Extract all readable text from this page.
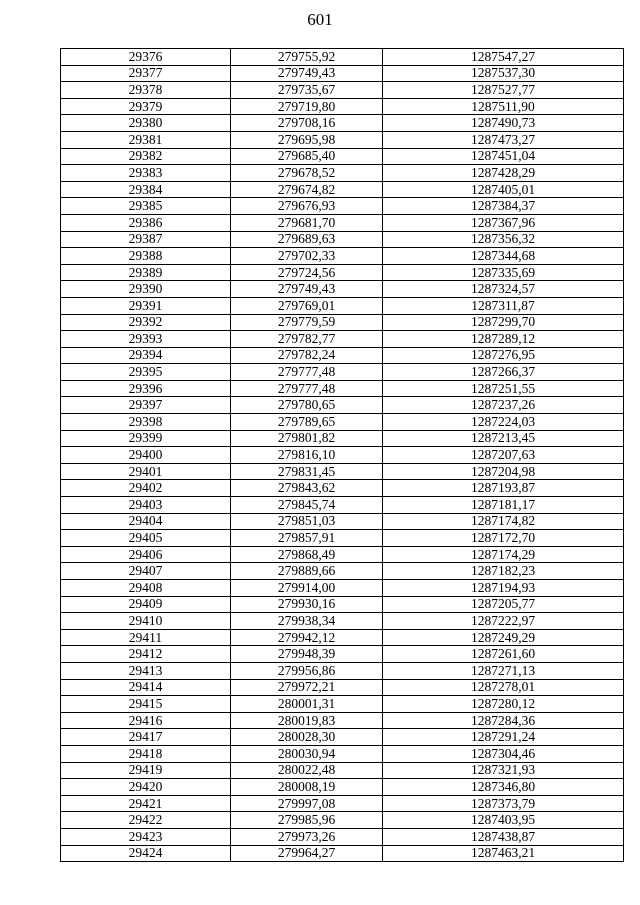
601
29376	279755,92	1287547,27
29377	279749,43	1287537,30
29378	279735,67	1287527,77
29379	279719,80	1287511,90
29380	279708,16	1287490,73
29381	279695,98	1287473,27
29382	279685,40	1287451,04
29383	279678,52	1287428,29
29384	279674,82	1287405,01
29385	279676,93	1287384,37
29386	279681,70	1287367,96
29387	279689,63	1287356,32
29388	279702,33	1287344,68
29389	279724,56	1287335,69
29390	279749,43	1287324,57
29391	279769,01	1287311,87
29392	279779,59	1287299,70
29393	279782,77	1287289,12
29394	279782,24	1287276,95
29395	279777,48	1287266,37
29396	279777,48	1287251,55
29397	279780,65	1287237,26
29398	279789,65	1287224,03
29399	279801,82	1287213,45
29400	279816,10	1287207,63
29401	279831,45	1287204,98
29402	279843,62	1287193,87
29403	279845,74	1287181,17
29404	279851,03	1287174,82
29405	279857,91	1287172,70
29406	279868,49	1287174,29
29407	279889,66	1287182,23
29408	279914,00	1287194,93
29409	279930,16	1287205,77
29410	279938,34	1287222,97
29411	279942,12	1287249,29
29412	279948,39	1287261,60
29413	279956,86	1287271,13
29414	279972,21	1287278,01
29415	280001,31	1287280,12
29416	280019,83	1287284,36
29417	280028,30	1287291,24
29418	280030,94	1287304,46
29419	280022,48	1287321,93
29420	280008,19	1287346,80
29421	279997,08	1287373,79
29422	279985,96	1287403,95
29423	279973,26	1287438,87
29424	279964,27	1287463,21
